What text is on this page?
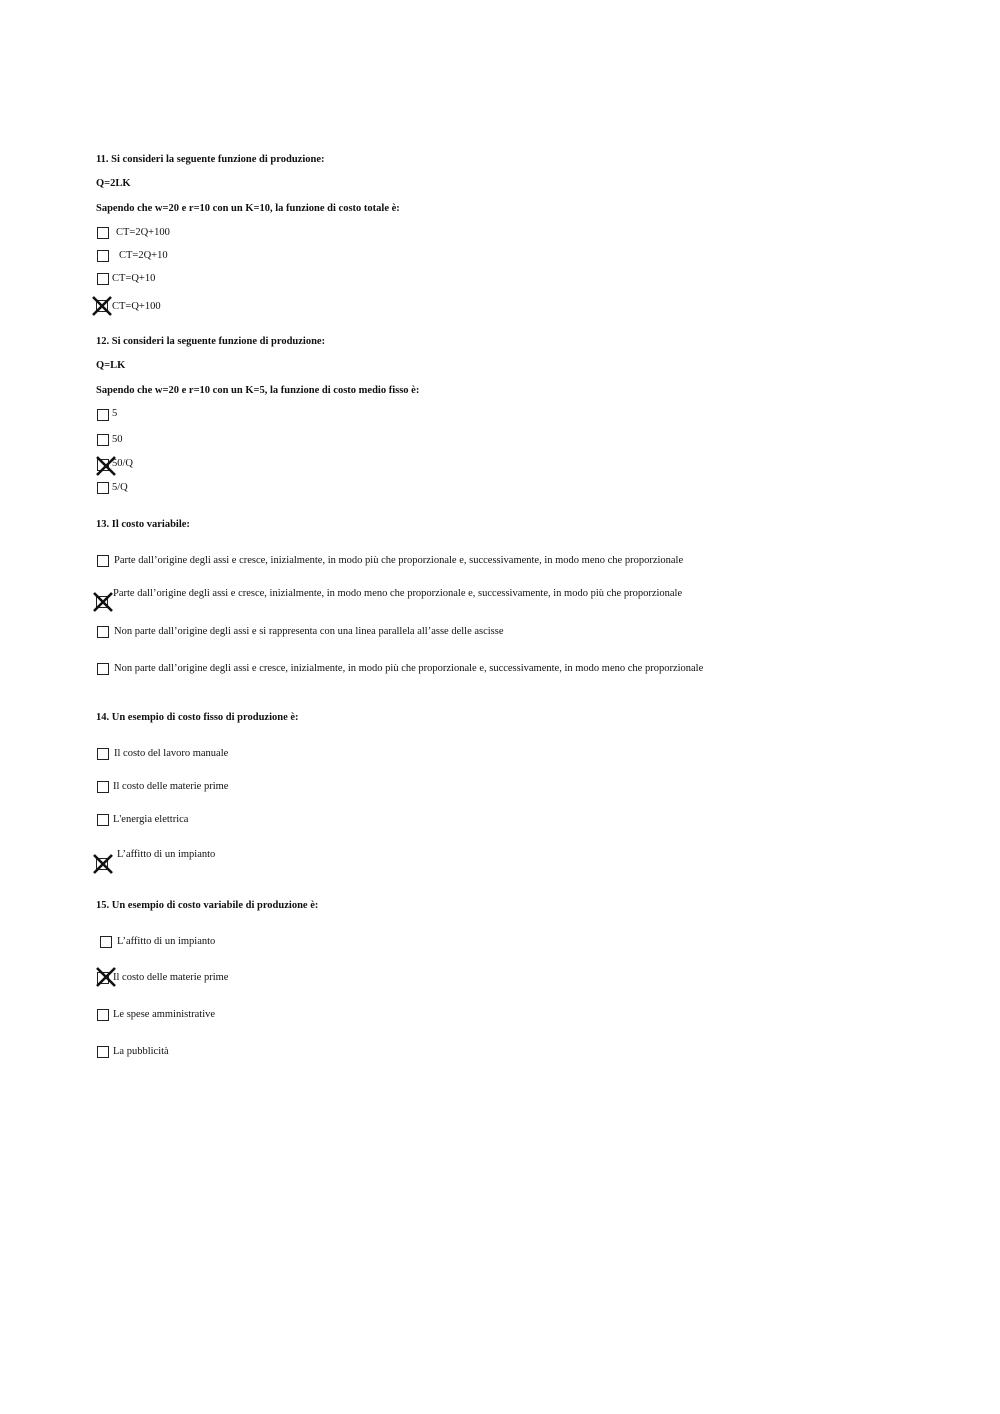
11. Si consideri la seguente funzione di produzione:
Q=2LK
Sapendo che w=20 e r=10 con un K=10, la funzione di costo totale è:
CT=2Q+100
CT=2Q+10
CT=Q+10
CT=Q+100
12. Si consideri la seguente funzione di produzione:
Q=LK
Sapendo che w=20 e r=10 con un K=5, la funzione di costo medio fisso è:
5
50
50/Q
5/Q
13. Il costo variabile:
Parte dall’origine degli assi e cresce, inizialmente, in modo più che proporzionale e, successivamente, in modo meno che proporzionale
Parte dall’origine degli assi e cresce, inizialmente, in modo meno che proporzionale e, successivamente, in modo più che proporzionale
Non parte dall’origine degli assi e si rappresenta con una linea parallela all’asse delle ascisse
Non parte dall’origine degli assi e cresce, inizialmente, in modo più che proporzionale e, successivamente, in modo meno che proporzionale
14. Un esempio di costo fisso di produzione è:
Il costo del lavoro manuale
Il costo delle materie prime
L'energia elettrica
L’affitto di un impianto
15. Un esempio di costo variabile di produzione è:
L’affitto di un impianto
Il costo delle materie prime
Le spese amministrative
La pubblicità
